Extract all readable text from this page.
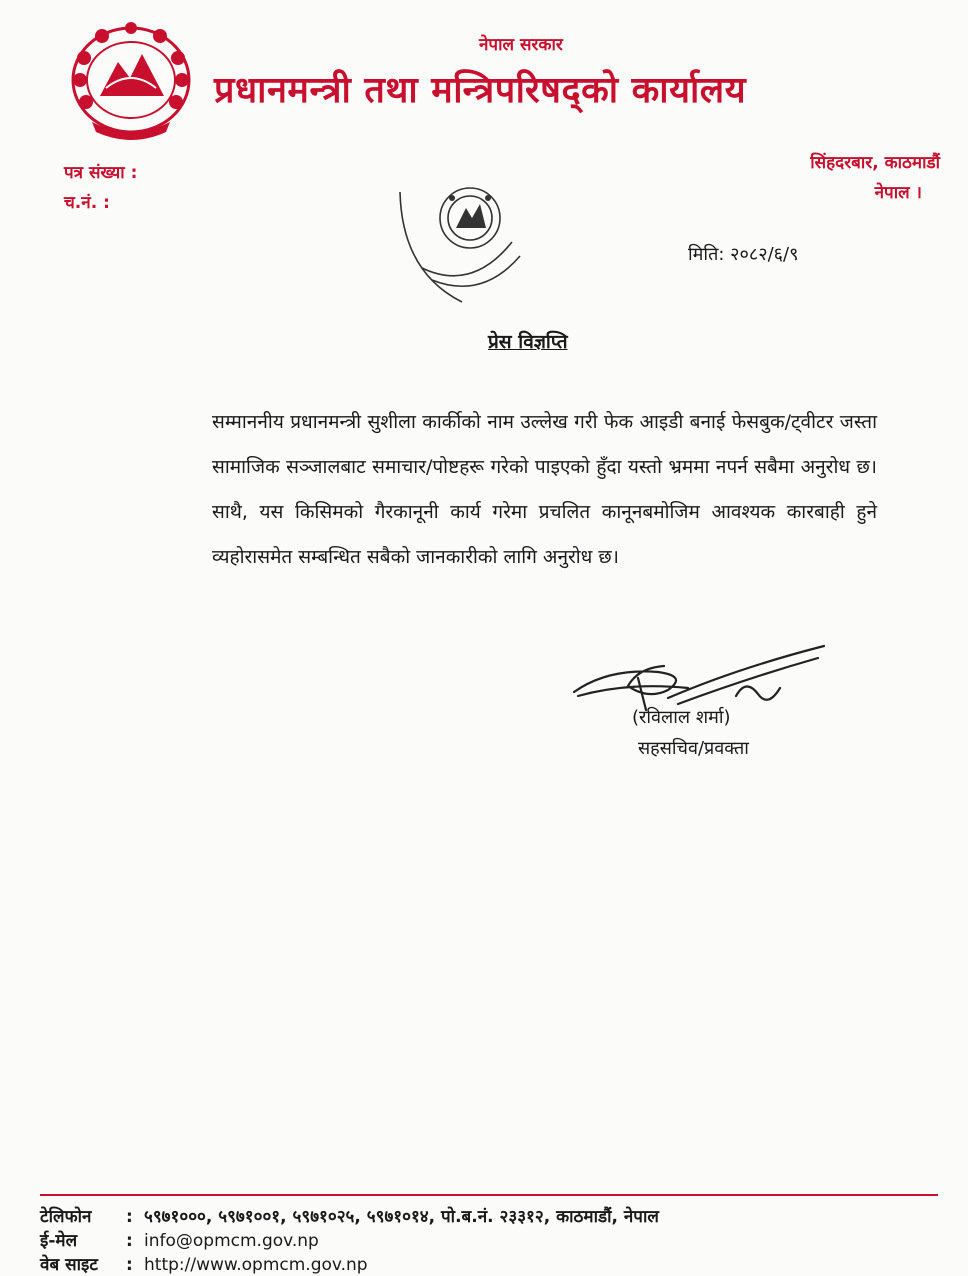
नेपाल सरकार
प्रधानमन्त्री तथा मन्त्रिपरिषद्को कार्यालय
पत्र संख्या :
च.नं. :
सिंहदरबार, काठमाडौं
नेपाल ।
मिति: २०८२/६/९
प्रेस विज्ञप्ति

सम्माननीय प्रधानमन्त्री सुशीला कार्कीको नाम उल्लेख गरी फेक आइडी बनाई फेसबुक/ट्वीटर जस्ता सामाजिक सञ्जालबाट समाचार/पोष्टहरू गरेको पाइएको हुँदा यस्तो भ्रममा नपर्न सबैमा अनुरोध छ। साथै, यस किसिमको गैरकानूनी कार्य गरेमा प्रचलित कानूनबमोजिम आवश्यक कारबाही हुने व्यहोरासमेत सम्बन्धित सबैको जानकारीको लागि अनुरोध छ।

(रविलाल शर्मा)
सहसचिव/प्रवक्ता
टेलिफोन : ५९७१०००, ५९७१००१, ५९७१०२५, ५९७१०१४, पो.ब.नं. २३३१२, काठमाडौं, नेपाल
ई-मेल	: info@opmcm.gov.np
वेब साइट : http://www.opmcm.gov.np
